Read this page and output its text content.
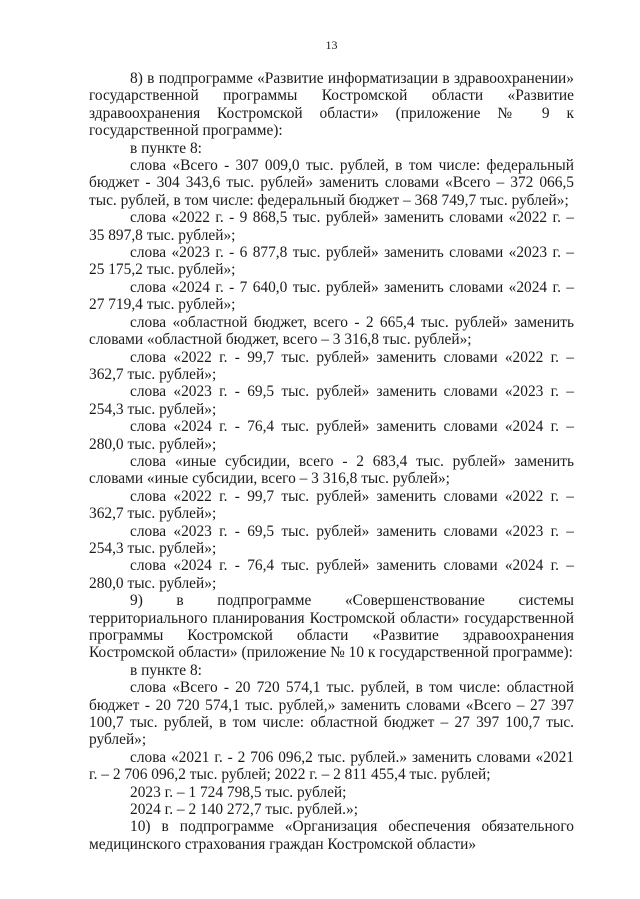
13

8) в подпрограмме «Развитие информатизации в здравоохранении» государственной программы Костромской области «Развитие здравоохранения Костромской области» (приложение № 9 к государственной программе):

в пункте 8:

слова «Всего - 307 009,0 тыс. рублей, в том числе: федеральный бюджет - 304 343,6 тыс. рублей» заменить словами «Всего – 372 066,5 тыс. рублей, в том числе: федеральный бюджет – 368 749,7 тыс. рублей»;

слова «2022 г. - 9 868,5 тыс. рублей» заменить словами «2022 г. – 35 897,8 тыс. рублей»;

слова «2023 г. - 6 877,8 тыс. рублей» заменить словами «2023 г. – 25 175,2 тыс. рублей»;

слова «2024 г. - 7 640,0 тыс. рублей» заменить словами «2024 г. – 27 719,4 тыс. рублей»;

слова «областной бюджет, всего - 2 665,4 тыс. рублей» заменить словами «областной бюджет, всего – 3 316,8 тыс. рублей»;

слова «2022 г. - 99,7 тыс. рублей» заменить словами «2022 г. – 362,7 тыс. рублей»;

слова «2023 г. - 69,5 тыс. рублей» заменить словами «2023 г. – 254,3 тыс. рублей»;

слова «2024 г. - 76,4 тыс. рублей» заменить словами «2024 г. – 280,0 тыс. рублей»;

слова «иные субсидии, всего - 2 683,4 тыс. рублей» заменить словами «иные субсидии, всего – 3 316,8 тыс. рублей»;

слова «2022 г. - 99,7 тыс. рублей» заменить словами «2022 г. – 362,7 тыс. рублей»;

слова «2023 г. - 69,5 тыс. рублей» заменить словами «2023 г. – 254,3 тыс. рублей»;

слова «2024 г. - 76,4 тыс. рублей» заменить словами «2024 г. – 280,0 тыс. рублей»;

9) в подпрограмме «Совершенствование системы территориального планирования Костромской области» государственной программы Костромской области «Развитие здравоохранения Костромской области» (приложение № 10 к государственной программе):

в пункте 8:

слова «Всего - 20 720 574,1 тыс. рублей, в том числе: областной бюджет - 20 720 574,1 тыс. рублей,» заменить словами «Всего – 27 397 100,7 тыс. рублей, в том числе: областной бюджет – 27 397 100,7 тыс. рублей»;

слова «2021 г. - 2 706 096,2 тыс. рублей.» заменить словами «2021 г. – 2 706 096,2 тыс. рублей; 2022 г. – 2 811 455,4 тыс. рублей;

2023 г. – 1 724 798,5 тыс. рублей;

2024 г. – 2 140 272,7 тыс. рублей.»;

10) в подпрограмме «Организация обеспечения обязательного медицинского страхования граждан Костромской области»
